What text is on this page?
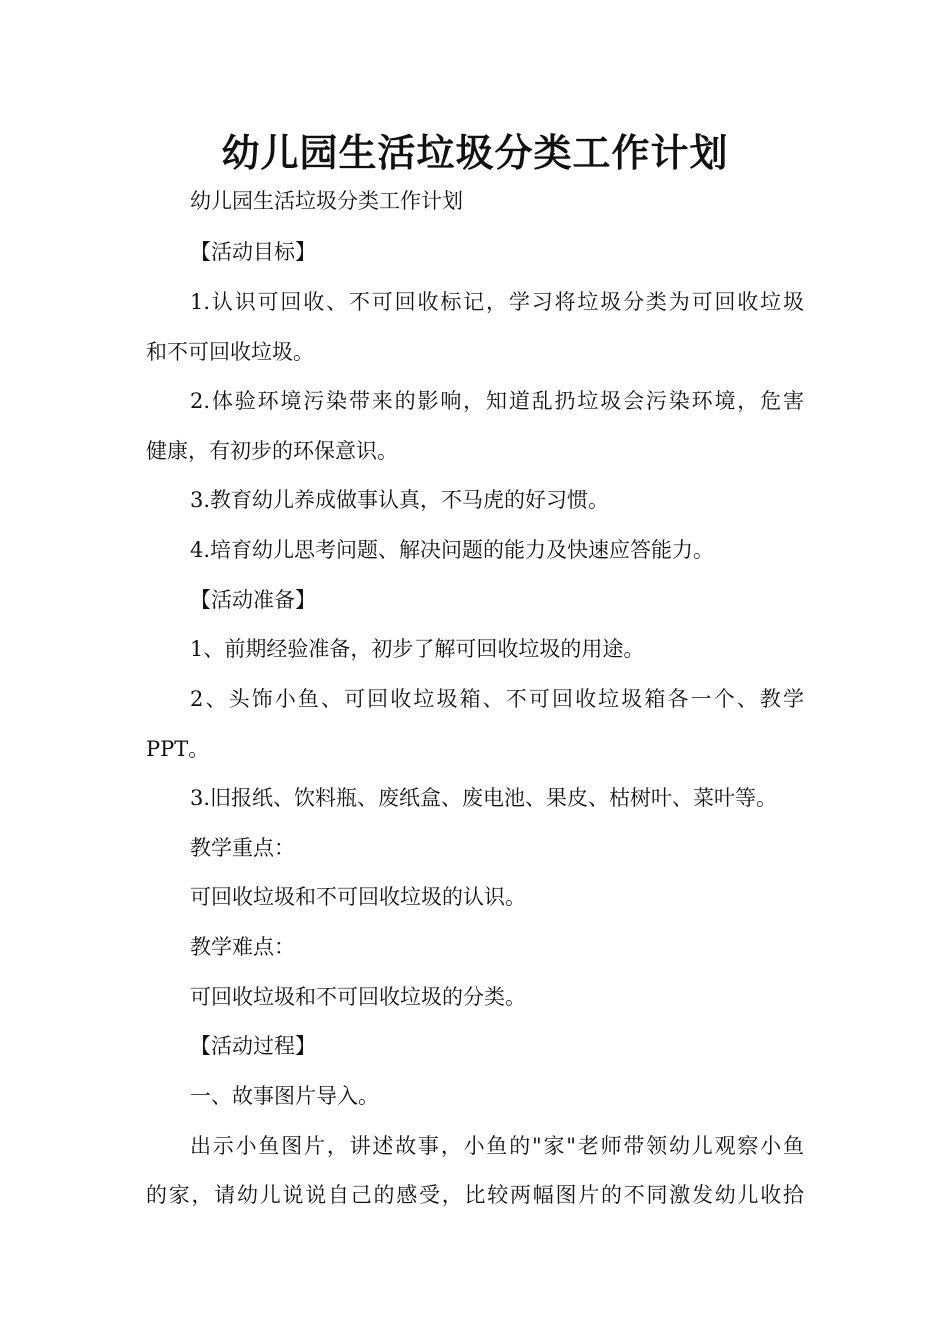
幼儿园生活垃圾分类工作计划
幼儿园生活垃圾分类工作计划
【活动目标】
1.认识可回收、不可回收标记，学习将垃圾分类为可回收垃圾
和不可回收垃圾。
2.体验环境污染带来的影响，知道乱扔垃圾会污染环境，危害
健康，有初步的环保意识。
3.教育幼儿养成做事认真，不马虎的好习惯。
4.培育幼儿思考问题、解决问题的能力及快速应答能力。
【活动准备】
1、前期经验准备，初步了解可回收垃圾的用途。
2、头饰小鱼、可回收垃圾箱、不可回收垃圾箱各一个、教学
PPT。
3.旧报纸、饮料瓶、废纸盒、废电池、果皮、枯树叶、菜叶等。
教学重点：
可回收垃圾和不可回收垃圾的认识。
教学难点：
可回收垃圾和不可回收垃圾的分类。
【活动过程】
一、故事图片导入。
出示小鱼图片，讲述故事，小鱼的"家"老师带领幼儿观察小鱼
的家，请幼儿说说自己的感受，比较两幅图片的不同激发幼儿收拾
